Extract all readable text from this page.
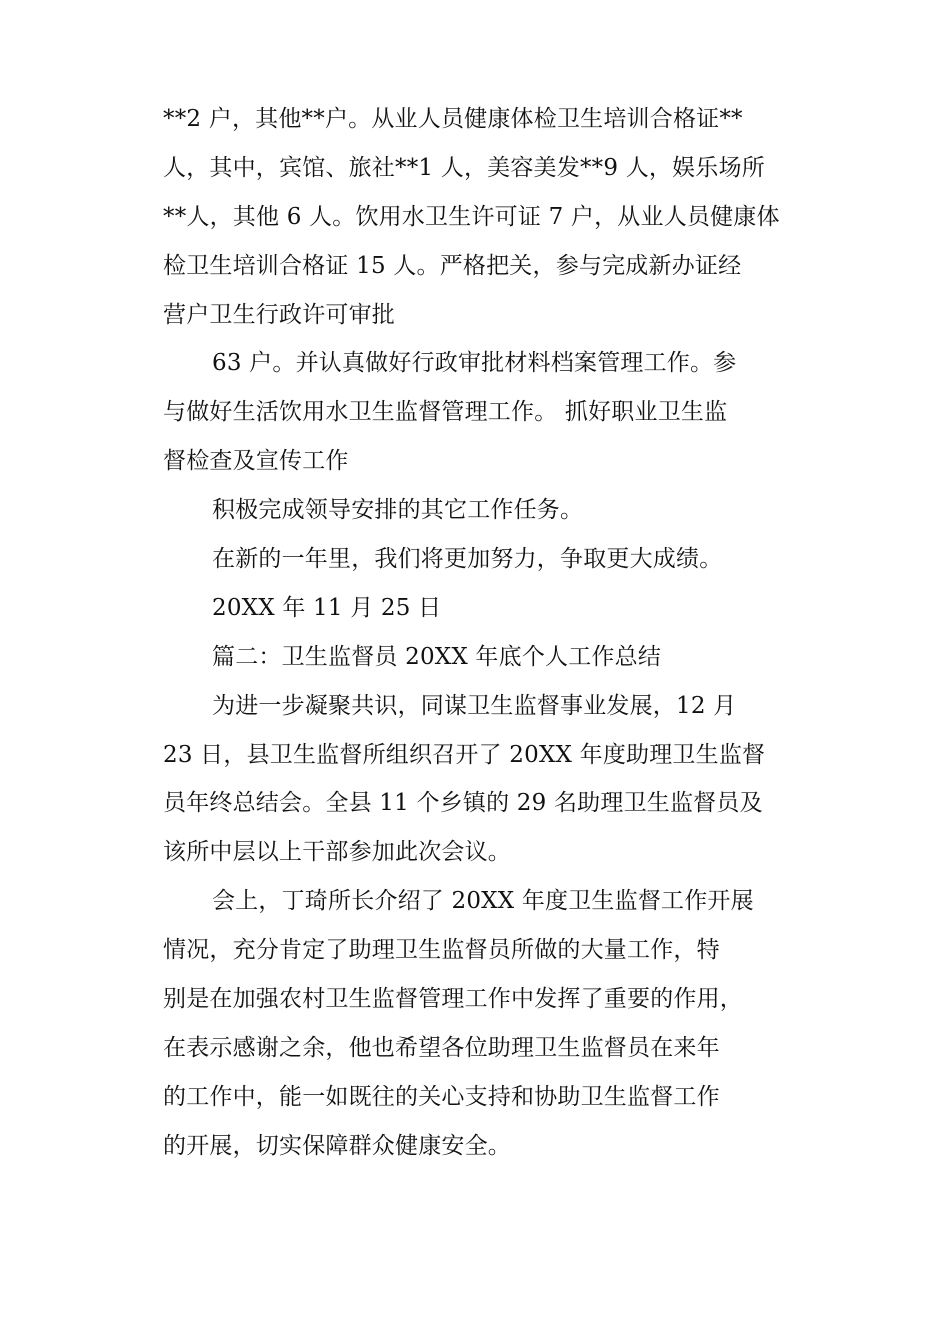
**2 户，其他**户。从业人员健康体检卫生培训合格证**
人，其中，宾馆、旅社**1 人，美容美发**9 人，娱乐场所
**人，其他 6 人。饮用水卫生许可证 7 户，从业人员健康体
检卫生培训合格证 15 人。严格把关，参与完成新办证经
营户卫生行政许可审批
63 户。并认真做好行政审批材料档案管理工作。参
与做好生活饮用水卫生监督管理工作。 抓好职业卫生监
督检查及宣传工作
积极完成领导安排的其它工作任务。
在新的一年里，我们将更加努力，争取更大成绩。
20XX 年 11 月 25 日
篇二：卫生监督员 20XX 年底个人工作总结
为进一步凝聚共识，同谋卫生监督事业发展，12 月
23 日，县卫生监督所组织召开了 20XX 年度助理卫生监督
员年终总结会。全县 11 个乡镇的 29 名助理卫生监督员及
该所中层以上干部参加此次会议。
会上，丁琦所长介绍了 20XX 年度卫生监督工作开展
情况，充分肯定了助理卫生监督员所做的大量工作，特
别是在加强农村卫生监督管理工作中发挥了重要的作用，
在表示感谢之余，他也希望各位助理卫生监督员在来年
的工作中，能一如既往的关心支持和协助卫生监督工作
的开展，切实保障群众健康安全。
